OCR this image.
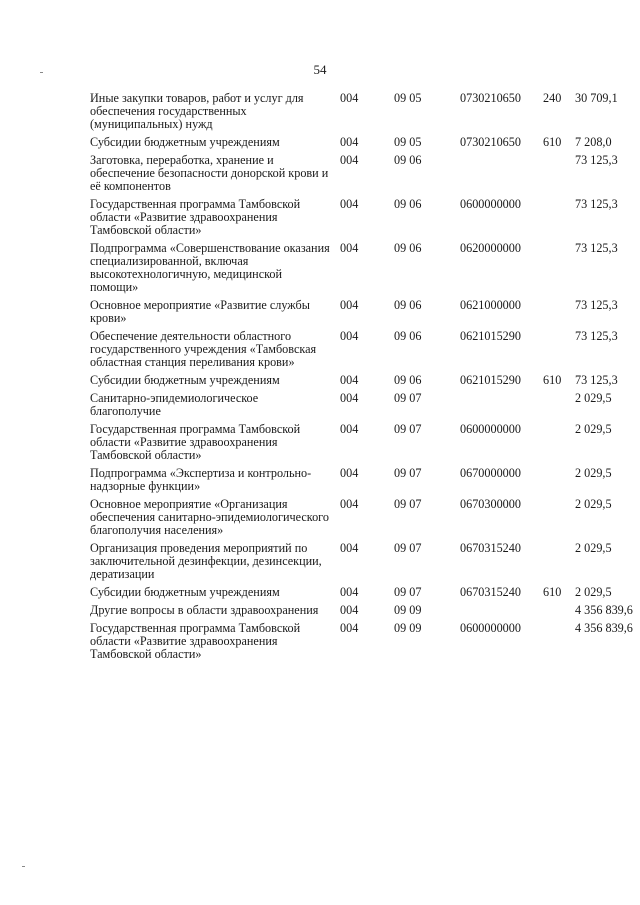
54
Иные закупки товаров, работ и услуг для обеспечения государственных (муниципальных) нужд	004	09 05	0730210650	240	30 709,1
Субсидии бюджетным учреждениям	004	09 05	0730210650	610	7 208,0
Заготовка, переработка, хранение и обеспечение безопасности донорской крови и её компонентов	004	09 06			73 125,3
Государственная программа Тамбовской области «Развитие здравоохранения Тамбовской области»	004	09 06	0600000000		73 125,3
Подпрограмма «Совершенствование оказания специализированной, включая высокотехнологичную, медицинской помощи»	004	09 06	0620000000		73 125,3
Основное мероприятие «Развитие службы крови»	004	09 06	0621000000		73 125,3
Обеспечение деятельности областного государственного учреждения «Тамбовская областная станция переливания крови»	004	09 06	0621015290		73 125,3
Субсидии бюджетным учреждениям	004	09 06	0621015290	610	73 125,3
Санитарно-эпидемиологическое благополучие	004	09 07			2 029,5
Государственная программа Тамбовской области «Развитие здравоохранения Тамбовской области»	004	09 07	0600000000		2 029,5
Подпрограмма «Экспертиза и контрольно-надзорные функции»	004	09 07	0670000000		2 029,5
Основное мероприятие «Организация обеспечения санитарно-эпидемиологического благополучия населения»	004	09 07	0670300000		2 029,5
Организация проведения мероприятий по заключительной дезинфекции, дезинсекции, дератизации	004	09 07	0670315240		2 029,5
Субсидии бюджетным учреждениям	004	09 07	0670315240	610	2 029,5
Другие вопросы в области здравоохранения	004	09 09			4 356 839,6
Государственная программа Тамбовской области «Развитие здравоохранения Тамбовской области»	004	09 09	0600000000		4 356 839,6
